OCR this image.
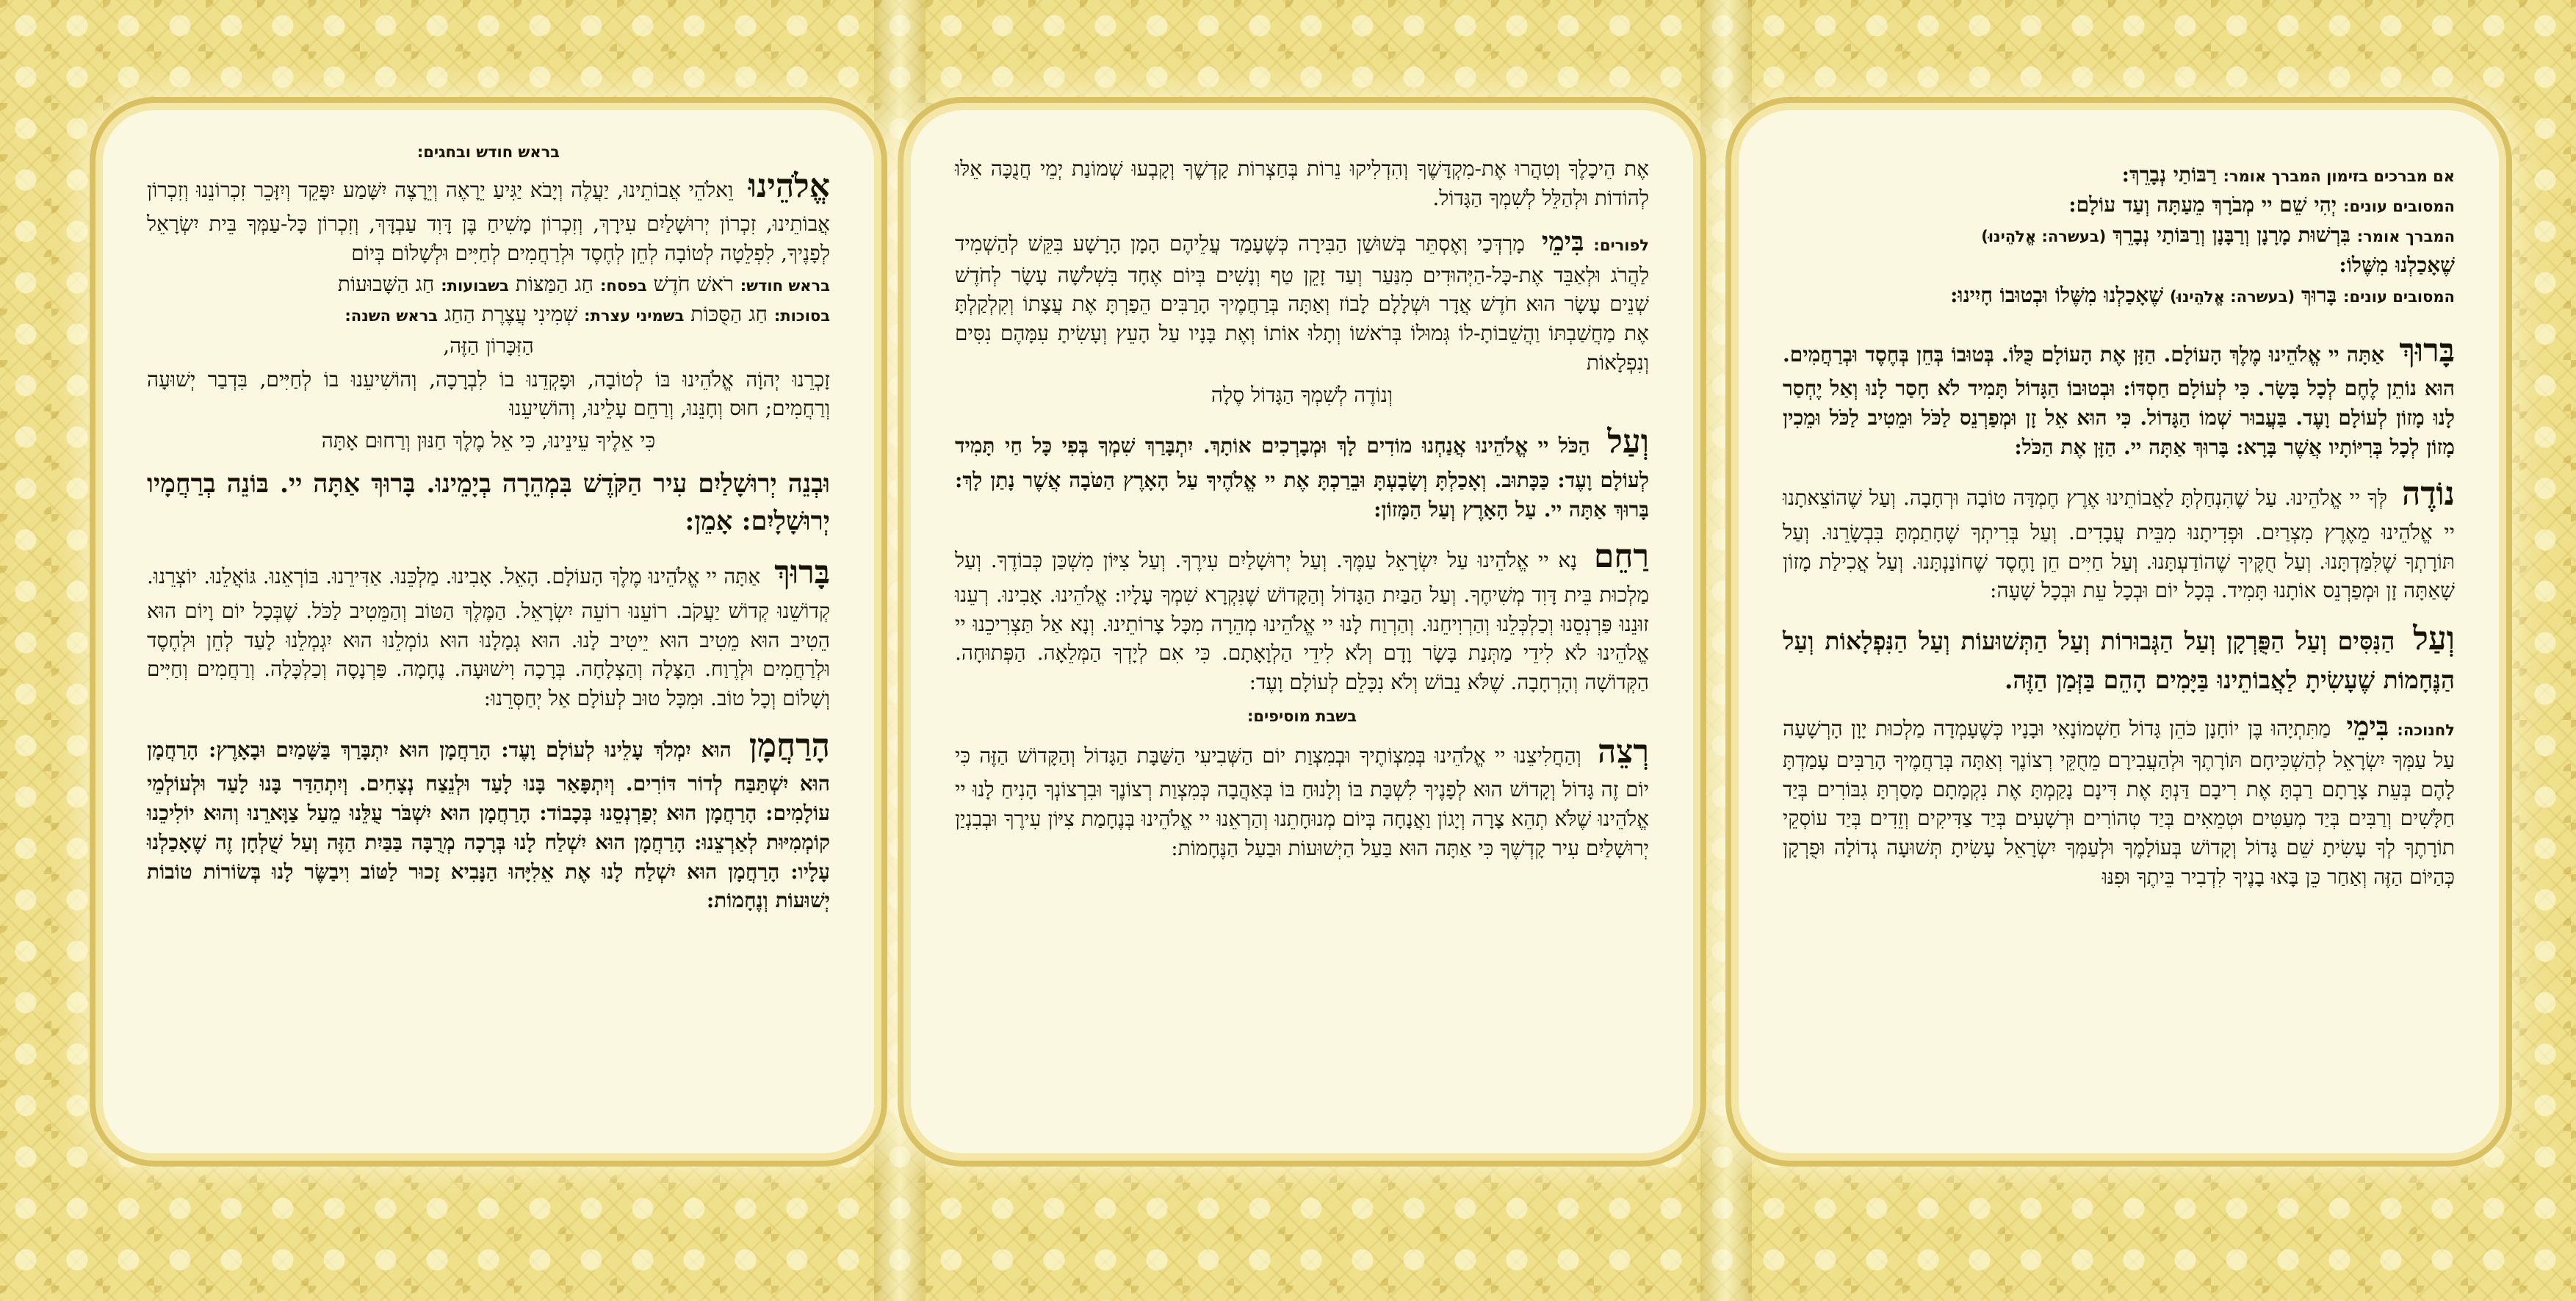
אם מברכים בזימון המברך אומר: רַבּוֹתַי נְבָרֵךְ:
המסובים עונים: יְהִי שֵׁם יי מְבֹרָךְ מֵעַתָּה וְעַד עוֹלָם:
המברך אומר: בִּרְשׁוּת מָרָנָן וְרַבָּנָן וְרַבּוֹתַי נְבָרֵךְ (בעשרה: אֱלֹהֵינוּ)
שֶׁאָכַלְנוּ מִשֶּׁלוֹ:
המסובים עונים: בָּרוּךְ (בעשרה: אֱלֹהֵינוּ) שֶׁאָכַלְנוּ מִשֶּׁלוֹ וּבְטוּבוֹ חָיִינוּ:

בָּרוּךְ אַתָּה יי אֱלֹהֵינוּ מֶלֶךְ הָעוֹלָם. הַזָּן אֶת הָעוֹלָם כֻּלּוֹ. בְּטוּבוֹ בְּחֵן בְּחֶסֶד וּבְרַחֲמִים. הוּא נוֹתֵן לֶחֶם לְכָל בָּשָׂר. כִּי לְעוֹלָם חַסְדּוֹ: וּבְטוּבוֹ הַגָּדוֹל תָּמִיד לֹא חָסַר לָנוּ וְאַל יֶחְסַר לָנוּ מָזוֹן לְעוֹלָם וָעֶד. בַּעֲבוּר שְׁמוֹ הַגָּדוֹל. כִּי הוּא אֵל זָן וּמְפַרְנֵס לַכֹּל וּמֵטִיב לַכֹּל וּמֵכִין מָזוֹן לְכָל בְּרִיּוֹתָיו אֲשֶׁר בָּרָא: בָּרוּךְ אַתָּה יי. הַזָּן אֶת הַכֹּל:

נוֹדֶה לְּךָ יי אֱלֹהֵינוּ. עַל שֶׁהִנְחַלְתָּ לַאֲבוֹתֵינוּ אֶרֶץ חֶמְדָּה טוֹבָה וּרְחָבָה. וְעַל שֶׁהוֹצֵאתָנוּ יי אֱלֹהֵינוּ מֵאֶרֶץ מִצְרַיִם. וּפְדִיתָנוּ מִבֵּית עֲבָדִים. וְעַל בְּרִיתְךָ שֶׁחָתַמְתָּ בִּבְשָׂרֵנוּ. וְעַל תּוֹרָתְךָ שֶׁלִּמַּדְתָּנוּ. וְעַל חֻקֶּיךָ שֶׁהוֹדַעְתָּנוּ. וְעַל חַיִּים חֵן וָחֶסֶד שֶׁחוֹנַנְתָּנוּ. וְעַל אֲכִילַת מָזוֹן שָׁאַתָּה זָן וּמְפַרְנֵס אוֹתָנוּ תָּמִיד. בְּכָל יוֹם וּבְכָל עֵת וּבְכָל שָׁעָה:

וְעַל הַנִּסִּים וְעַל הַפֻּרְקָן וְעַל הַגְּבוּרוֹת וְעַל הַתְּשׁוּעוֹת וְעַל הַנִּפְלָאוֹת וְעַל הַנֶּחָמוֹת שֶׁעָשִׂיתָ לַאֲבוֹתֵינוּ בַּיָּמִים הָהֵם בַּזְּמַן הַזֶּה.

לחנוכה: בִּימֵי מַתִּתְיָהוּ בֶּן יוֹחָנָן כֹּהֵן גָּדוֹל חַשְׁמוֹנָאִי וּבָנָיו כְּשֶׁעָמְדָה מַלְכוּת יָוָן הָרְשָׁעָה עַל עַמְּךָ יִשְׂרָאֵל לְהַשְׁכִּיחָם תּוֹרָתֶךָ וּלְהַעֲבִירָם מֵחֻקֵּי רְצוֹנֶךָ וְאַתָּה בְּרַחֲמֶיךָ הָרַבִּים עָמַדְתָּ לָהֶם בְּעֵת צָרָתָם רַבְתָּ אֶת רִיבָם דַּנְתָּ אֶת דִּינָם נָקַמְתָּ אֶת נִקְמָתָם מָסַרְתָּ גִבּוֹרִים בְּיַד חַלָּשִׁים וְרַבִּים בְּיַד מְעַטִּים וּטְמֵאִים בְּיַד טְהוֹרִים וּרְשָׁעִים בְּיַד צַדִּיקִים וְזֵדִים בְּיַד עוֹסְקֵי תוֹרָתֶךָ לְךָ עָשִׂיתָ שֵׁם גָּדוֹל וְקָדוֹשׁ בְּעוֹלָמֶךָ וּלְעַמְּךָ יִשְׂרָאֵל עָשִׂיתָ תְּשׁוּעָה גְדוֹלָה וּפֻרְקָן כְּהַיּוֹם הַזֶּה וְאַחַר כֵּן בָּאוּ בָנֶיךָ לִדְבִיר בֵּיתֶךָ וּפִנּוּ

אֶת הֵיכָלֶךָ וְטִהֲרוּ אֶת-מִקְדָּשֶׁךָ וְהִדְלִיקוּ נֵרוֹת בְּחַצְרוֹת קָדְשֶׁךָ וְקָבְעוּ שְׁמוֹנַת יְמֵי חֲנֻכָּה אֵלּוּ לְהוֹדוֹת וּלְהַלֵּל לְשִׁמְךָ הַגָּדוֹל.

לפורים: בִּימֵי מָרְדְּכַי וְאֶסְתֵּר בְּשׁוּשַׁן הַבִּירָה כְּשֶׁעָמַד עֲלֵיהֶם הָמָן הָרָשָׁע בִּקֵּשׁ לְהַשְׁמִיד לַהֲרֹג וּלְאַבֵּד אֶת-כָּל-הַיְּהוּדִים מִנַּעַר וְעַד זָקֵן טַף וְנָשִׁים בְּיוֹם אֶחָד בִּשְׁלֹשָׁה עָשָׂר לְחֹדֶשׁ שְׁנֵים עָשָׂר הוּא חֹדֶשׁ אֲדָר וּשְׁלָלָם לָבוֹז וְאַתָּה בְּרַחֲמֶיךָ הָרַבִּים הֵפַרְתָּ אֶת עֲצָתוֹ וְקִלְקַלְתָּ אֶת מַחֲשַׁבְתּוֹ וַהֲשֵׁבוֹתָ-לוֹ גְּמוּלוֹ בְּרֹאשׁוֹ וְתָלוּ אוֹתוֹ וְאֶת בָּנָיו עַל הָעֵץ וְעָשִׂיתָ עִמָּהֶם נִסִּים וְנִפְלָאוֹת

וְנוֹדֶה לְשִׁמְךָ הַגָּדוֹל סֶלָה

וְעַל הַכֹּל יי אֱלֹהֵינוּ אֲנַחְנוּ מוֹדִים לָךְ וּמְבָרְכִים אוֹתָךְ. יִתְבָּרַךְ שִׁמְךָ בְּפִי כָּל חַי תָּמִיד לְעוֹלָם וָעֶד: כַּכָּתוּב. וְאָכַלְתָּ וְשָׂבָעְתָּ וּבֵרַכְתָּ אֶת יי אֱלֹהֶיךָ עַל הָאָרֶץ הַטֹּבָה אֲשֶׁר נָתַן לָךְ: בָּרוּךְ אַתָּה יי. עַל הָאָרֶץ וְעַל הַמָּזוֹן:

רַחֵם נָא יי אֱלֹהֵינוּ עַל יִשְׂרָאֵל עַמֶּךָ. וְעַל יְרוּשָׁלַיִם עִירֶךָ. וְעַל צִיּוֹן מִשְׁכַּן כְּבוֹדֶךָ. וְעַל מַלְכוּת בֵּית דָּוִד מְשִׁיחֶךָ. וְעַל הַבַּיִת הַגָּדוֹל וְהַקָּדוֹשׁ שֶׁנִּקְרָא שִׁמְךָ עָלָיו: אֱלֹהֵינוּ. אָבִינוּ. רְעֵנוּ זוּנֵנוּ פַּרְנְסֵנוּ וְכַלְכְּלֵנוּ וְהַרְוִיחֵנוּ. וְהַרְוַח לָנוּ יי אֱלֹהֵינוּ מְהֵרָה מִכָּל צָרוֹתֵינוּ. וְנָא אַל תַּצְרִיכֵנוּ יי אֱלֹהֵינוּ לֹא לִידֵי מַתְּנַת בָּשָׂר וָדָם וְלֹא לִידֵי הַלְוָאָתָם. כִּי אִם לְיָדְךָ הַמְּלֵאָה. הַפְּתוּחָה. הַקְּדוֹשָׁה וְהָרְחָבָה. שֶׁלֹּא נֵבוֹשׁ וְלֹא נִכָּלֵם לְעוֹלָם וָעֶד:

בשבת מוסיפים:

רְצֵה וְהַחֲלִיצֵנוּ יי אֱלֹהֵינוּ בְּמִצְוֹתֶיךָ וּבְמִצְוַת יוֹם הַשְּׁבִיעִי הַשַּׁבָּת הַגָּדוֹל וְהַקָּדוֹשׁ הַזֶּה כִּי יוֹם זֶה גָּדוֹל וְקָדוֹשׁ הוּא לְפָנֶיךָ לִשְׁבָּת בּוֹ וְלָנוּחַ בּוֹ בְּאַהֲבָה כְּמִצְוַת רְצוֹנֶךָ וּבִרְצוֹנְךָ הָנִיחַ לָנוּ יי אֱלֹהֵינוּ שֶׁלֹּא תְהֵא צָרָה וְיָגוֹן וַאֲנָחָה בְּיוֹם מְנוּחָתֵנוּ וְהַרְאֵנוּ יי אֱלֹהֵינוּ בְּנֶחָמַת צִיּוֹן עִירֶךָ וּבְבִנְיַן יְרוּשָׁלַיִם עִיר קָדְשֶׁךָ כִּי אַתָּה הוּא בַּעַל הַיְשׁוּעוֹת וּבַעַל הַנֶּחָמוֹת:

בראש חודש ובחגים:

אֱלֹהֵינוּ וֵאלֹהֵי אֲבוֹתֵינוּ, יַעֲלֶה וְיָבֹא יַגִּיעַ יֵרָאֶה וְיֵרָצֶה יִשָּׁמַע יִפָּקֵד וְיִזָּכֵר זִכְרוֹנֵנוּ וְזִכְרוֹן אֲבוֹתֵינוּ, זִכְרוֹן יְרוּשָׁלַיִם עִירָךְ, וְזִכְרוֹן מָשִׁיחַ בֶּן דָּוִד עַבְדָּךְ, וְזִכְרוֹן כָּל-עַמְּךָ בֵּית יִשְׂרָאֵל לְפָנֶיךָ, לִפְלֵטָה לְטוֹבָה לְחֵן לְחֶסֶד וּלְרַחֲמִים לְחַיִּים וּלְשָׁלוֹם בְּיוֹם

בראש חודש: רֹאשׁ חֹדֶשׁ בפסח: חַג הַמַּצּוֹת בשבועות: חַג הַשָּׁבוּעוֹת
בסוכות: חַג הַסֻּכּוֹת בשמיני עצרת: שְׁמִינִי עֲצֶרֶת הַחַג בראש השנה:

הַזִּכָּרוֹן הַזֶּה,

זָכְרֵנוּ יְהוָֹה אֱלֹהֵינוּ בּוֹ לְטוֹבָה, וּפָקְדֵנוּ בוֹ לִבְרָכָה, וְהוֹשִׁיעֵנוּ בוֹ לְחַיִּים, בִּדְבַר יְשׁוּעָה וְרַחֲמִים; חוּס וְחָנֵּנוּ, וְרַחֵם עָלֵינוּ, וְהוֹשִׁיעֵנוּ

כִּי אֵלֶיךָ עֵינֵינוּ, כִּי אֵל מֶלֶךְ חַנּוּן וְרַחוּם אָתָּה

וּבְנֵה יְרוּשָׁלַיִם עִיר הַקֹּדֶשׁ בִּמְהֵרָה בְיָמֵינוּ. בָּרוּךְ אַתָּה יי. בּוֹנֵה בְרַחֲמָיו יְרוּשָׁלָיִם: אָמֵן:

בָּרוּךְ אַתָּה יי אֱלֹהֵינוּ מֶלֶךְ הָעוֹלָם. הָאֵל. אָבִינוּ. מַלְכֵּנוּ. אַדִּירֵנוּ. בּוֹרְאֵנוּ. גּוֹאֲלֵנוּ. יוֹצְרֵנוּ. קְדוֹשֵׁנוּ קְדוֹשׁ יַעֲקֹב. רוֹעֵנוּ רוֹעֵה יִשְׂרָאֵל. הַמֶּלֶךְ הַטּוֹב וְהַמֵּטִיב לַכֹּל. שֶׁבְּכָל יוֹם וָיוֹם הוּא הֵטִיב הוּא מֵטִיב הוּא יֵיטִיב לָנוּ. הוּא גְמָלָנוּ הוּא גוֹמְלֵנוּ הוּא יִגְמְלֵנוּ לָעַד לְחֵן וּלְחֶסֶד וּלְרַחֲמִים וּלְרֶוַח. הַצָּלָה וְהַצְלָחָה. בְּרָכָה וִישׁוּעָה. נֶחָמָה. פַּרְנָסָה וְכַלְכָּלָה. וְרַחֲמִים וְחַיִּים וְשָׁלוֹם וְכָל טוֹב. וּמִכָּל טוּב לְעוֹלָם אַל יְחַסְּרֵנוּ:

הָרַחֲמָן הוּא יִמְלֹךְ עָלֵינוּ לְעוֹלָם וָעֶד: הָרַחֲמָן הוּא יִתְבָּרַךְ בַּשָּׁמַיִם וּבָאָרֶץ: הָרַחֲמָן הוּא יִשְׁתַּבַּח לְדוֹר דּוֹרִים. וְיִתְפָּאַר בָּנוּ לָעַד וּלְנֵצַח נְצָחִים. וְיִתְהַדַּר בָּנוּ לָעַד וּלְעוֹלְמֵי עוֹלָמִים: הָרַחֲמָן הוּא יְפַרְנְסֵנוּ בְּכָבוֹד: הָרַחֲמָן הוּא יִשְׁבֹּר עֻלֵּנוּ מֵעַל צַוָּארֵנוּ וְהוּא יוֹלִיכֵנוּ קוֹמְמִיּוּת לְאַרְצֵנוּ: הָרַחֲמָן הוּא יִשְׁלַח לָנוּ בְּרָכָה מְרֻבָּה בַּבַּיִת הַזֶּה וְעַל שֻׁלְחָן זֶה שֶׁאָכַלְנוּ עָלָיו: הָרַחֲמָן הוּא יִשְׁלַח לָנוּ אֶת אֵלִיָּהוּ הַנָּבִיא זָכוּר לַטּוֹב וִיבַשֶּׂר לָנוּ בְּשׂוֹרוֹת טוֹבוֹת יְשׁוּעוֹת וְנֶחָמוֹת:
